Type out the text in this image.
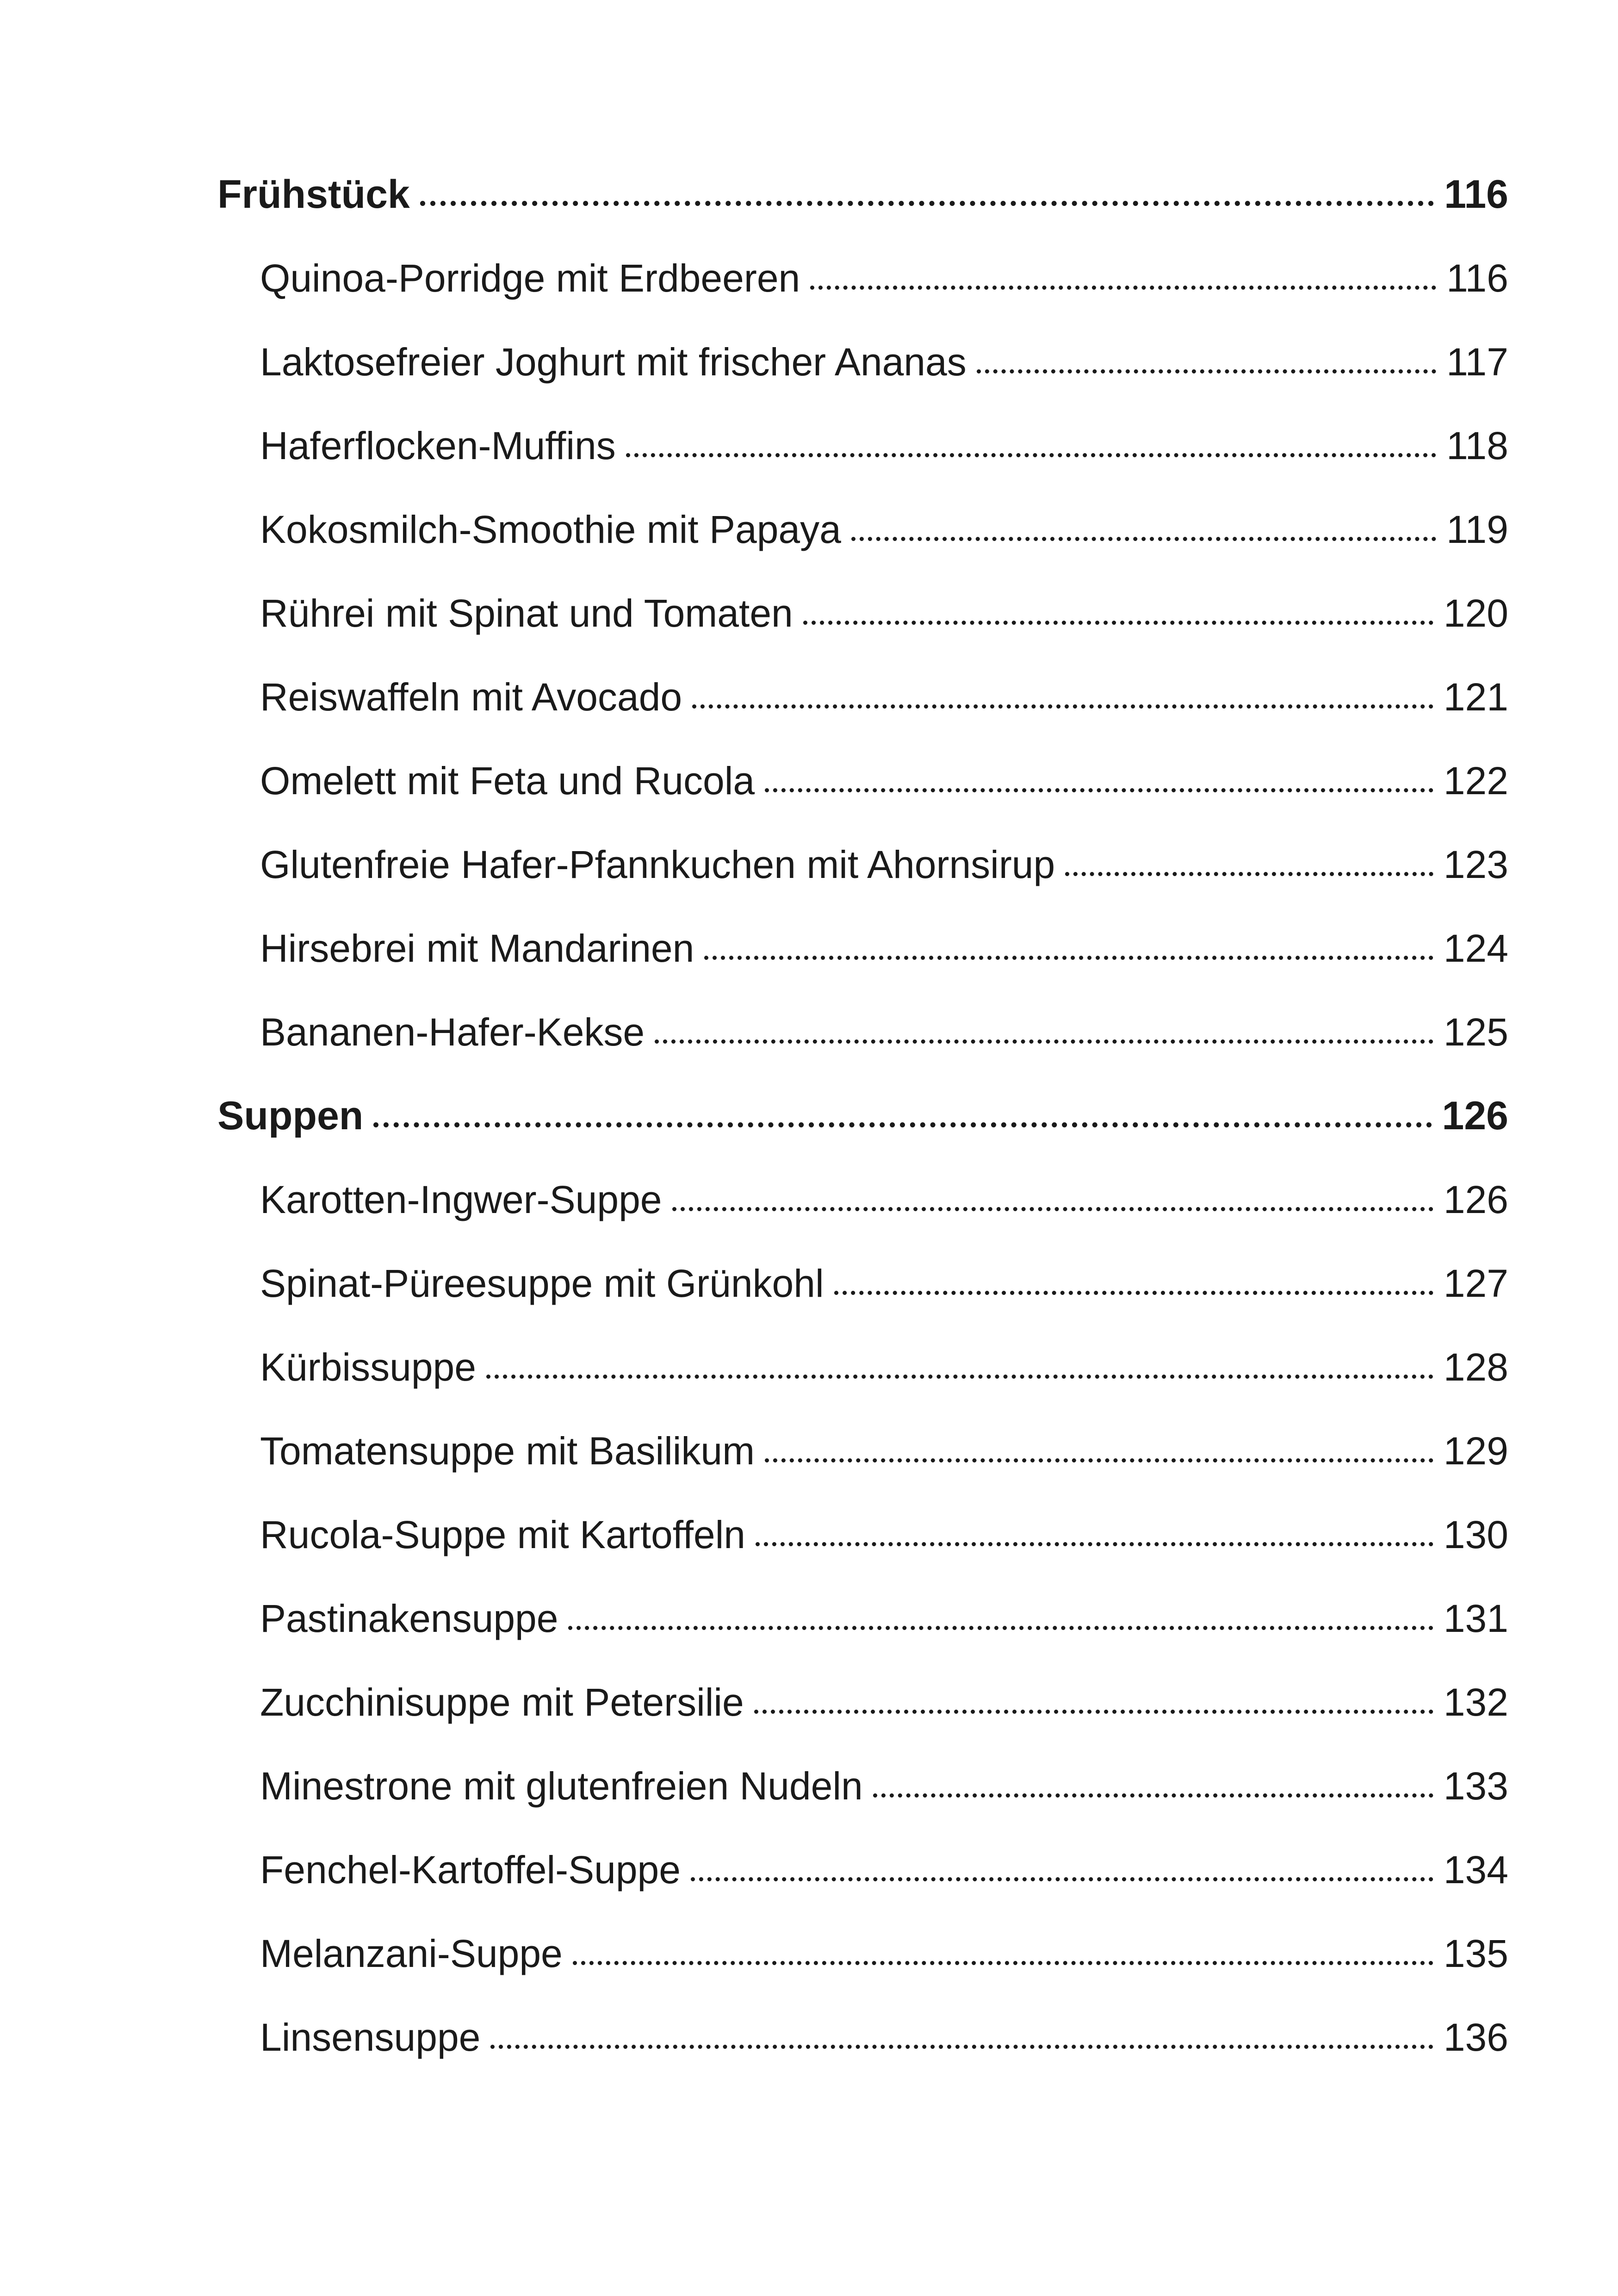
Frühstück	116
Quinoa-Porridge mit Erdbeeren	116
Laktosefreier Joghurt mit frischer Ananas	117
Haferflocken-Muffins	118
Kokosmilch-Smoothie mit Papaya	119
Rührei mit Spinat und Tomaten	120
Reiswaffeln mit Avocado	121
Omelett mit Feta und Rucola	122
Glutenfreie Hafer-Pfannkuchen mit Ahornsirup	123
Hirsebrei mit Mandarinen	124
Bananen-Hafer-Kekse	125
Suppen	126
Karotten-Ingwer-Suppe	126
Spinat-Püreesuppe mit Grünkohl	127
Kürbissuppe	128
Tomatensuppe mit Basilikum	129
Rucola-Suppe mit Kartoffeln	130
Pastinakensuppe	131
Zucchinisuppe mit Petersilie	132
Minestrone mit glutenfreien Nudeln	133
Fenchel-Kartoffel-Suppe	134
Melanzani-Suppe	135
Linsensuppe	136
